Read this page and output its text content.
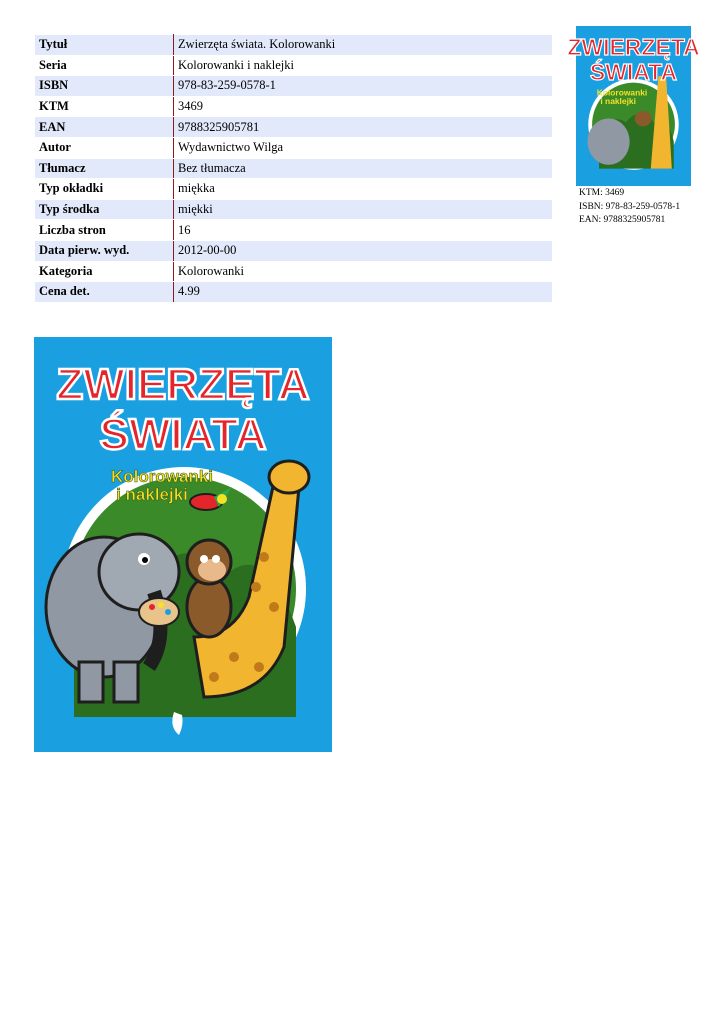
Tytuł	Zwierzęta świata. Kolorowanki
Seria	Kolorowanki i naklejki
ISBN	978-83-259-0578-1
KTM	3469
EAN	9788325905781
Autor	Wydawnictwo Wilga
Tłumacz	Bez tłumacza
Typ okładki	miękka
Typ środka	miękki
Liczba stron	16
Data pierw. wyd.	2012-00-00
Kategoria	Kolorowanki
Cena det.	4.99
ZWIERZĘTA
ŚWIATA
Kolorowanki
i naklejki
KTM: 3469
ISBN: 978-83-259-0578-1
EAN: 9788325905781
ZWIERZĘTA
ŚWIATA
Kolorowanki
i naklejki
